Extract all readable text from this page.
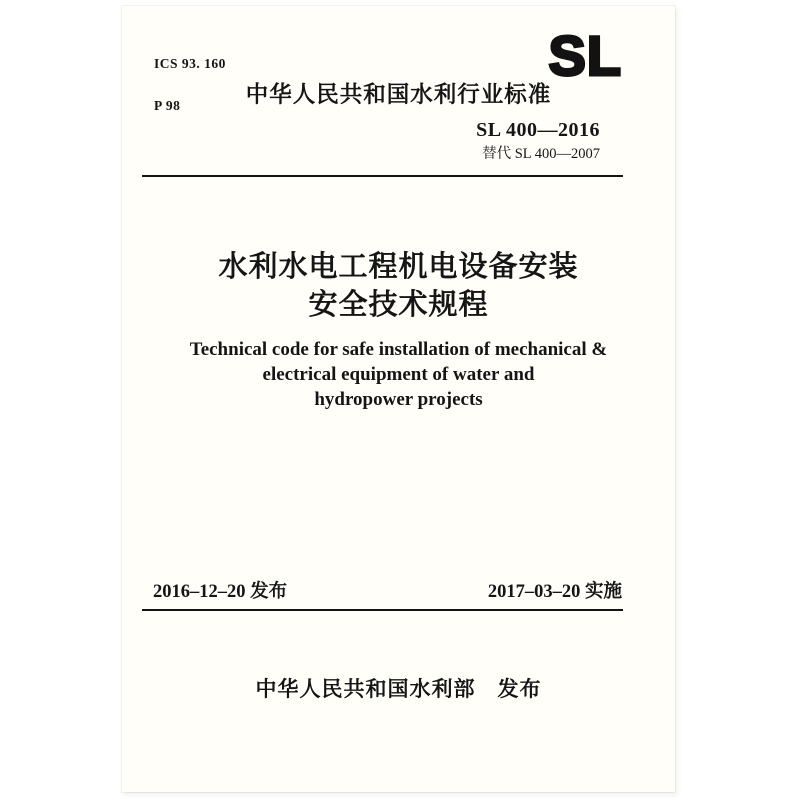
ICS 93. 160

P 98

SL
中华人民共和国水利行业标准
SL 400—2016
替代 SL 400—2007
水利水电工程机电设备安装
安全技术规程
Technical code for safe installation of mechanical &
electrical equipment of water and
hydropower projects
2016–12–20 发布	2017–03–20 实施
中华人民共和国水利部　发布
